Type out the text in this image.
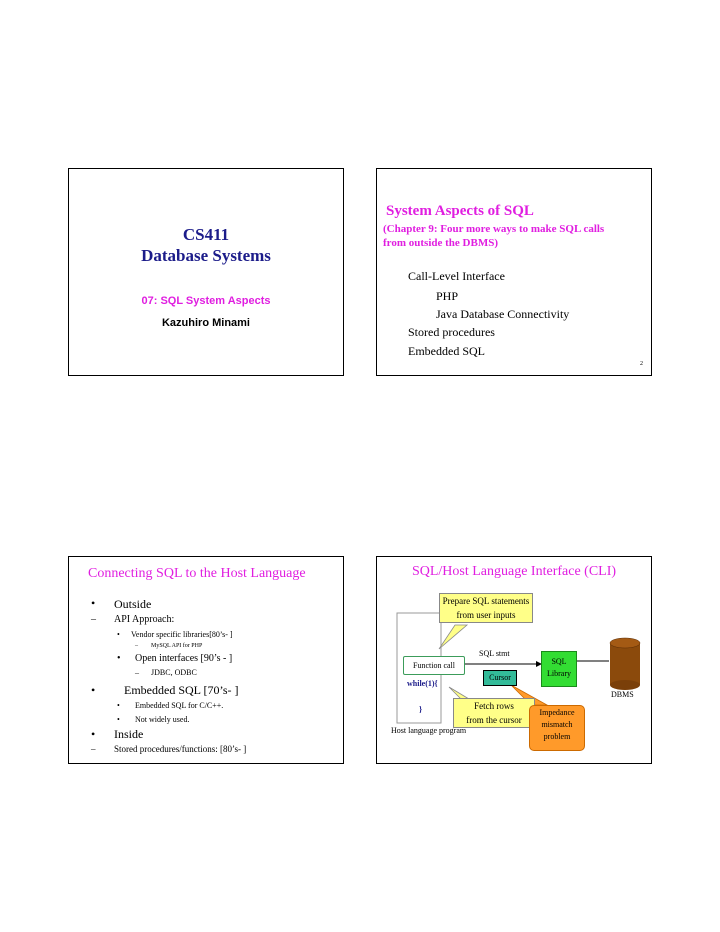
CS411
Database Systems
07: SQL System Aspects
Kazuhiro Minami
System Aspects of SQL
(Chapter 9: Four more ways to make SQL calls
from outside the DBMS)
Call-Level Interface
PHP
Java Database Connectivity
Stored procedures
Embedded SQL
2
Connecting SQL to the Host Language
• Outside
– API Approach:
• Vendor specific libraries[80’s- ]
– MySQL API for PHP
• Open interfaces [90’s - ]
– JDBC, ODBC
• Embedded SQL [70’s- ]
• Embedded SQL for C/C++.
• Not widely used.
• Inside
– Stored procedures/functions: [80’s- ]
SQL/Host Language Interface (CLI)
Prepare SQL statements
from user inputs
SQL stmt
Function call	SQL
Library
Cursor
while(1){
}
DBMS
Fetch rows
from the cursor
Impedance
mismatch
problem
Host language program
